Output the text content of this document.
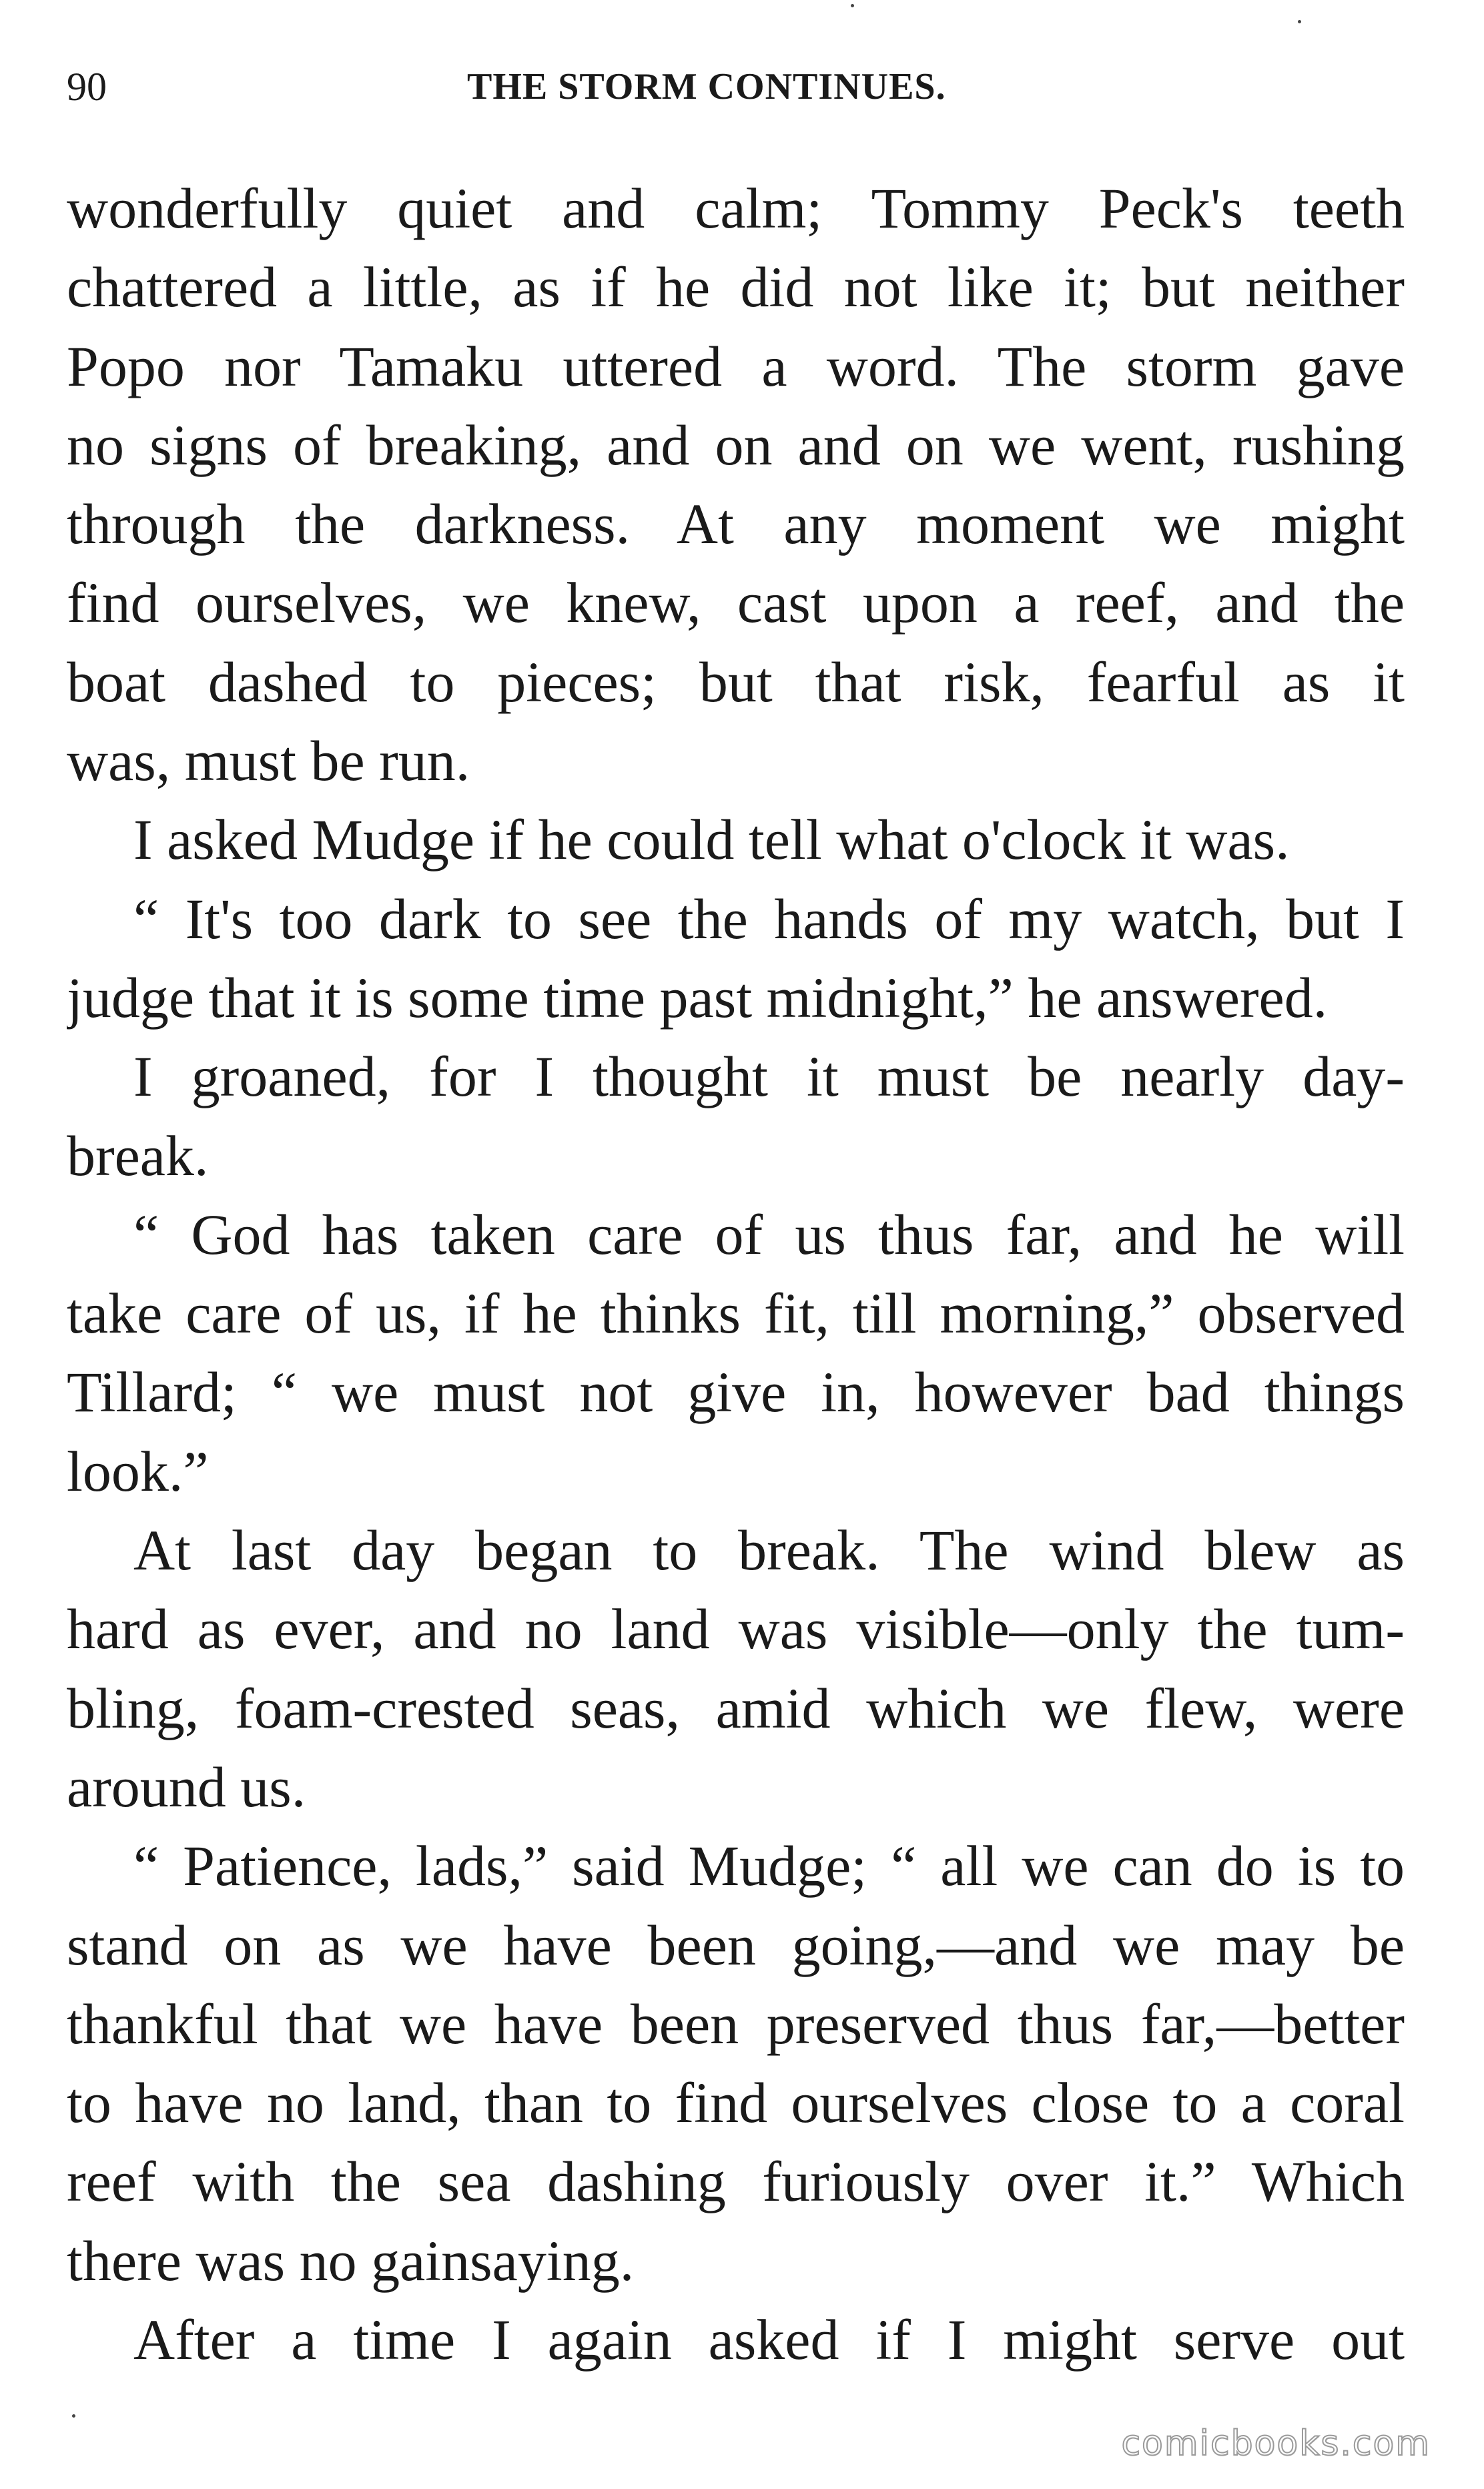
90	THE STORM CONTINUES.
wonderfully quiet and calm; Tommy Peck's teeth
chattered a little, as if he did not like it; but neither
Popo nor Tamaku uttered a word. The storm gave
no signs of breaking, and on and on we went, rushing
through the darkness. At any moment we might
find ourselves, we knew, cast upon a reef, and the
boat dashed to pieces; but that risk, fearful as it
was, must be run.
I asked Mudge if he could tell what o'clock it was.
“ It's too dark to see the hands of my watch, but I
judge that it is some time past midnight,” he answered.
I groaned, for I thought it must be nearly day-
break.
“ God has taken care of us thus far, and he will
take care of us, if he thinks fit, till morning,” observed
Tillard; “ we must not give in, however bad things
look.”
At last day began to break. The wind blew as
hard as ever, and no land was visible—only the tum-
bling, foam-crested seas, amid which we flew, were
around us.
“ Patience, lads,” said Mudge; “ all we can do is to
stand on as we have been going,—and we may be
thankful that we have been preserved thus far,—better
to have no land, than to find ourselves close to a coral
reef with the sea dashing furiously over it.” Which
there was no gainsaying.
After a time I again asked if I might serve out
comicbooks.com
